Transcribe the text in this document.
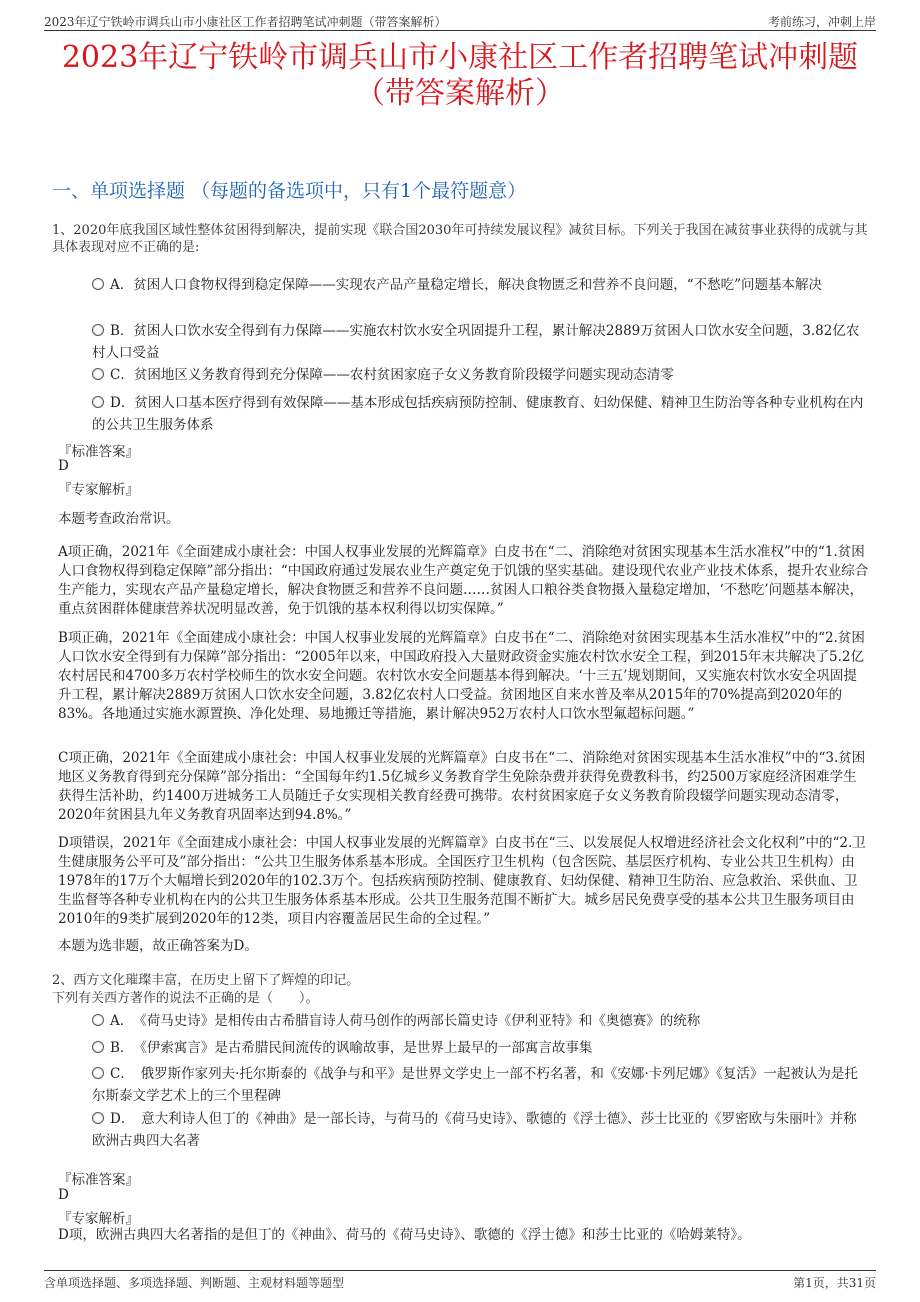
2023年辽宁铁岭市调兵山市小康社区工作者招聘笔试冲刺题（带答案解析）	考前练习，冲刺上岸
2023年辽宁铁岭市调兵山市小康社区工作者招聘笔试冲刺题
（带答案解析）
一、单项选择题 （每题的备选项中，只有1个最符题意）
1、2020年底我国区域性整体贫困得到解决，提前实现《联合国2030年可持续发展议程》减贫目标。下列关于我国在减贫事业获得的成就与其具体表现对应不正确的是:
A．贫困人口食物权得到稳定保障——实现农产品产量稳定增长，解决食物匮乏和营养不良问题，“不愁吃”问题基本解决
B．贫困人口饮水安全得到有力保障——实施农村饮水安全巩固提升工程，累计解决2889万贫困人口饮水安全问题，3.82亿农村人口受益
C．贫困地区义务教育得到充分保障——农村贫困家庭子女义务教育阶段辍学问题实现动态清零
D．贫困人口基本医疗得到有效保障——基本形成包括疾病预防控制、健康教育、妇幼保健、精神卫生防治等各种专业机构在内的公共卫生服务体系
『标准答案』
D
『专家解析』
本题考查政治常识。
A项正确，2021年《全面建成小康社会：中国人权事业发展的光辉篇章》白皮书在“二、消除绝对贫困实现基本生活水准权”中的“1.贫困人口食物权得到稳定保障”部分指出：“中国政府通过发展农业生产奠定免于饥饿的坚实基础。建设现代农业产业技术体系，提升农业综合生产能力，实现农产品产量稳定增长，解决食物匮乏和营养不良问题……贫困人口粮谷类食物摄入量稳定增加，‘不愁吃’问题基本解决，重点贫困群体健康营养状况明显改善，免于饥饿的基本权利得以切实保障。”
B项正确，2021年《全面建成小康社会：中国人权事业发展的光辉篇章》白皮书在“二、消除绝对贫困实现基本生活水准权”中的“2.贫困人口饮水安全得到有力保障”部分指出：“2005年以来，中国政府投入大量财政资金实施农村饮水安全工程，到2015年末共解决了5.2亿农村居民和4700多万农村学校师生的饮水安全问题。农村饮水安全问题基本得到解决。‘十三五’规划期间，又实施农村饮水安全巩固提升工程，累计解决2889万贫困人口饮水安全问题，3.82亿农村人口受益。贫困地区自来水普及率从2015年的70%提高到2020年的83%。各地通过实施水源置换、净化处理、易地搬迁等措施，累计解决952万农村人口饮水型氟超标问题。”
C项正确，2021年《全面建成小康社会：中国人权事业发展的光辉篇章》白皮书在“二、消除绝对贫困实现基本生活水准权”中的“3.贫困地区义务教育得到充分保障”部分指出：“全国每年约1.5亿城乡义务教育学生免除杂费并获得免费教科书，约2500万家庭经济困难学生获得生活补助，约1400万进城务工人员随迁子女实现相关教育经费可携带。农村贫困家庭子女义务教育阶段辍学问题实现动态清零，2020年贫困县九年义务教育巩固率达到94.8%。”
D项错误，2021年《全面建成小康社会：中国人权事业发展的光辉篇章》白皮书在“三、以发展促人权增进经济社会文化权利”中的“2.卫生健康服务公平可及”部分指出：“公共卫生服务体系基本形成。全国医疗卫生机构（包含医院、基层医疗机构、专业公共卫生机构）由1978年的17万个大幅增长到2020年的102.3万个。包括疾病预防控制、健康教育、妇幼保健、精神卫生防治、应急救治、采供血、卫生监督等各种专业机构在内的公共卫生服务体系基本形成。公共卫生服务范围不断扩大。城乡居民免费享受的基本公共卫生服务项目由2010年的9类扩展到2020年的12类，项目内容覆盖居民生命的全过程。”
本题为选非题，故正确答案为D。
2、西方文化璀璨丰富，在历史上留下了辉煌的印记。
下列有关西方著作的说法不正确的是（　　）。
A．　《荷马史诗》是相传由古希腊盲诗人荷马创作的两部长篇史诗《伊利亚特》和《奥德赛》的统称
B．　《伊索寓言》是古希腊民间流传的讽喻故事，是世界上最早的一部寓言故事集
C．　俄罗斯作家列夫·托尔斯泰的《战争与和平》是世界文学史上一部不朽名著，和《安娜·卡列尼娜》《复活》一起被认为是托尔斯泰文学艺术上的三个里程碑
D．　意大利诗人但丁的《神曲》是一部长诗，与荷马的《荷马史诗》、歌德的《浮士德》、莎士比亚的《罗密欧与朱丽叶》并称欧洲古典四大名著
『标准答案』
D
『专家解析』
D项，欧洲古典四大名著指的是但丁的《神曲》、荷马的《荷马史诗》、歌德的《浮士德》和莎士比亚的《哈姆莱特》。
含单项选择题、多项选择题、判断题、主观材料题等题型	第1页，共31页
